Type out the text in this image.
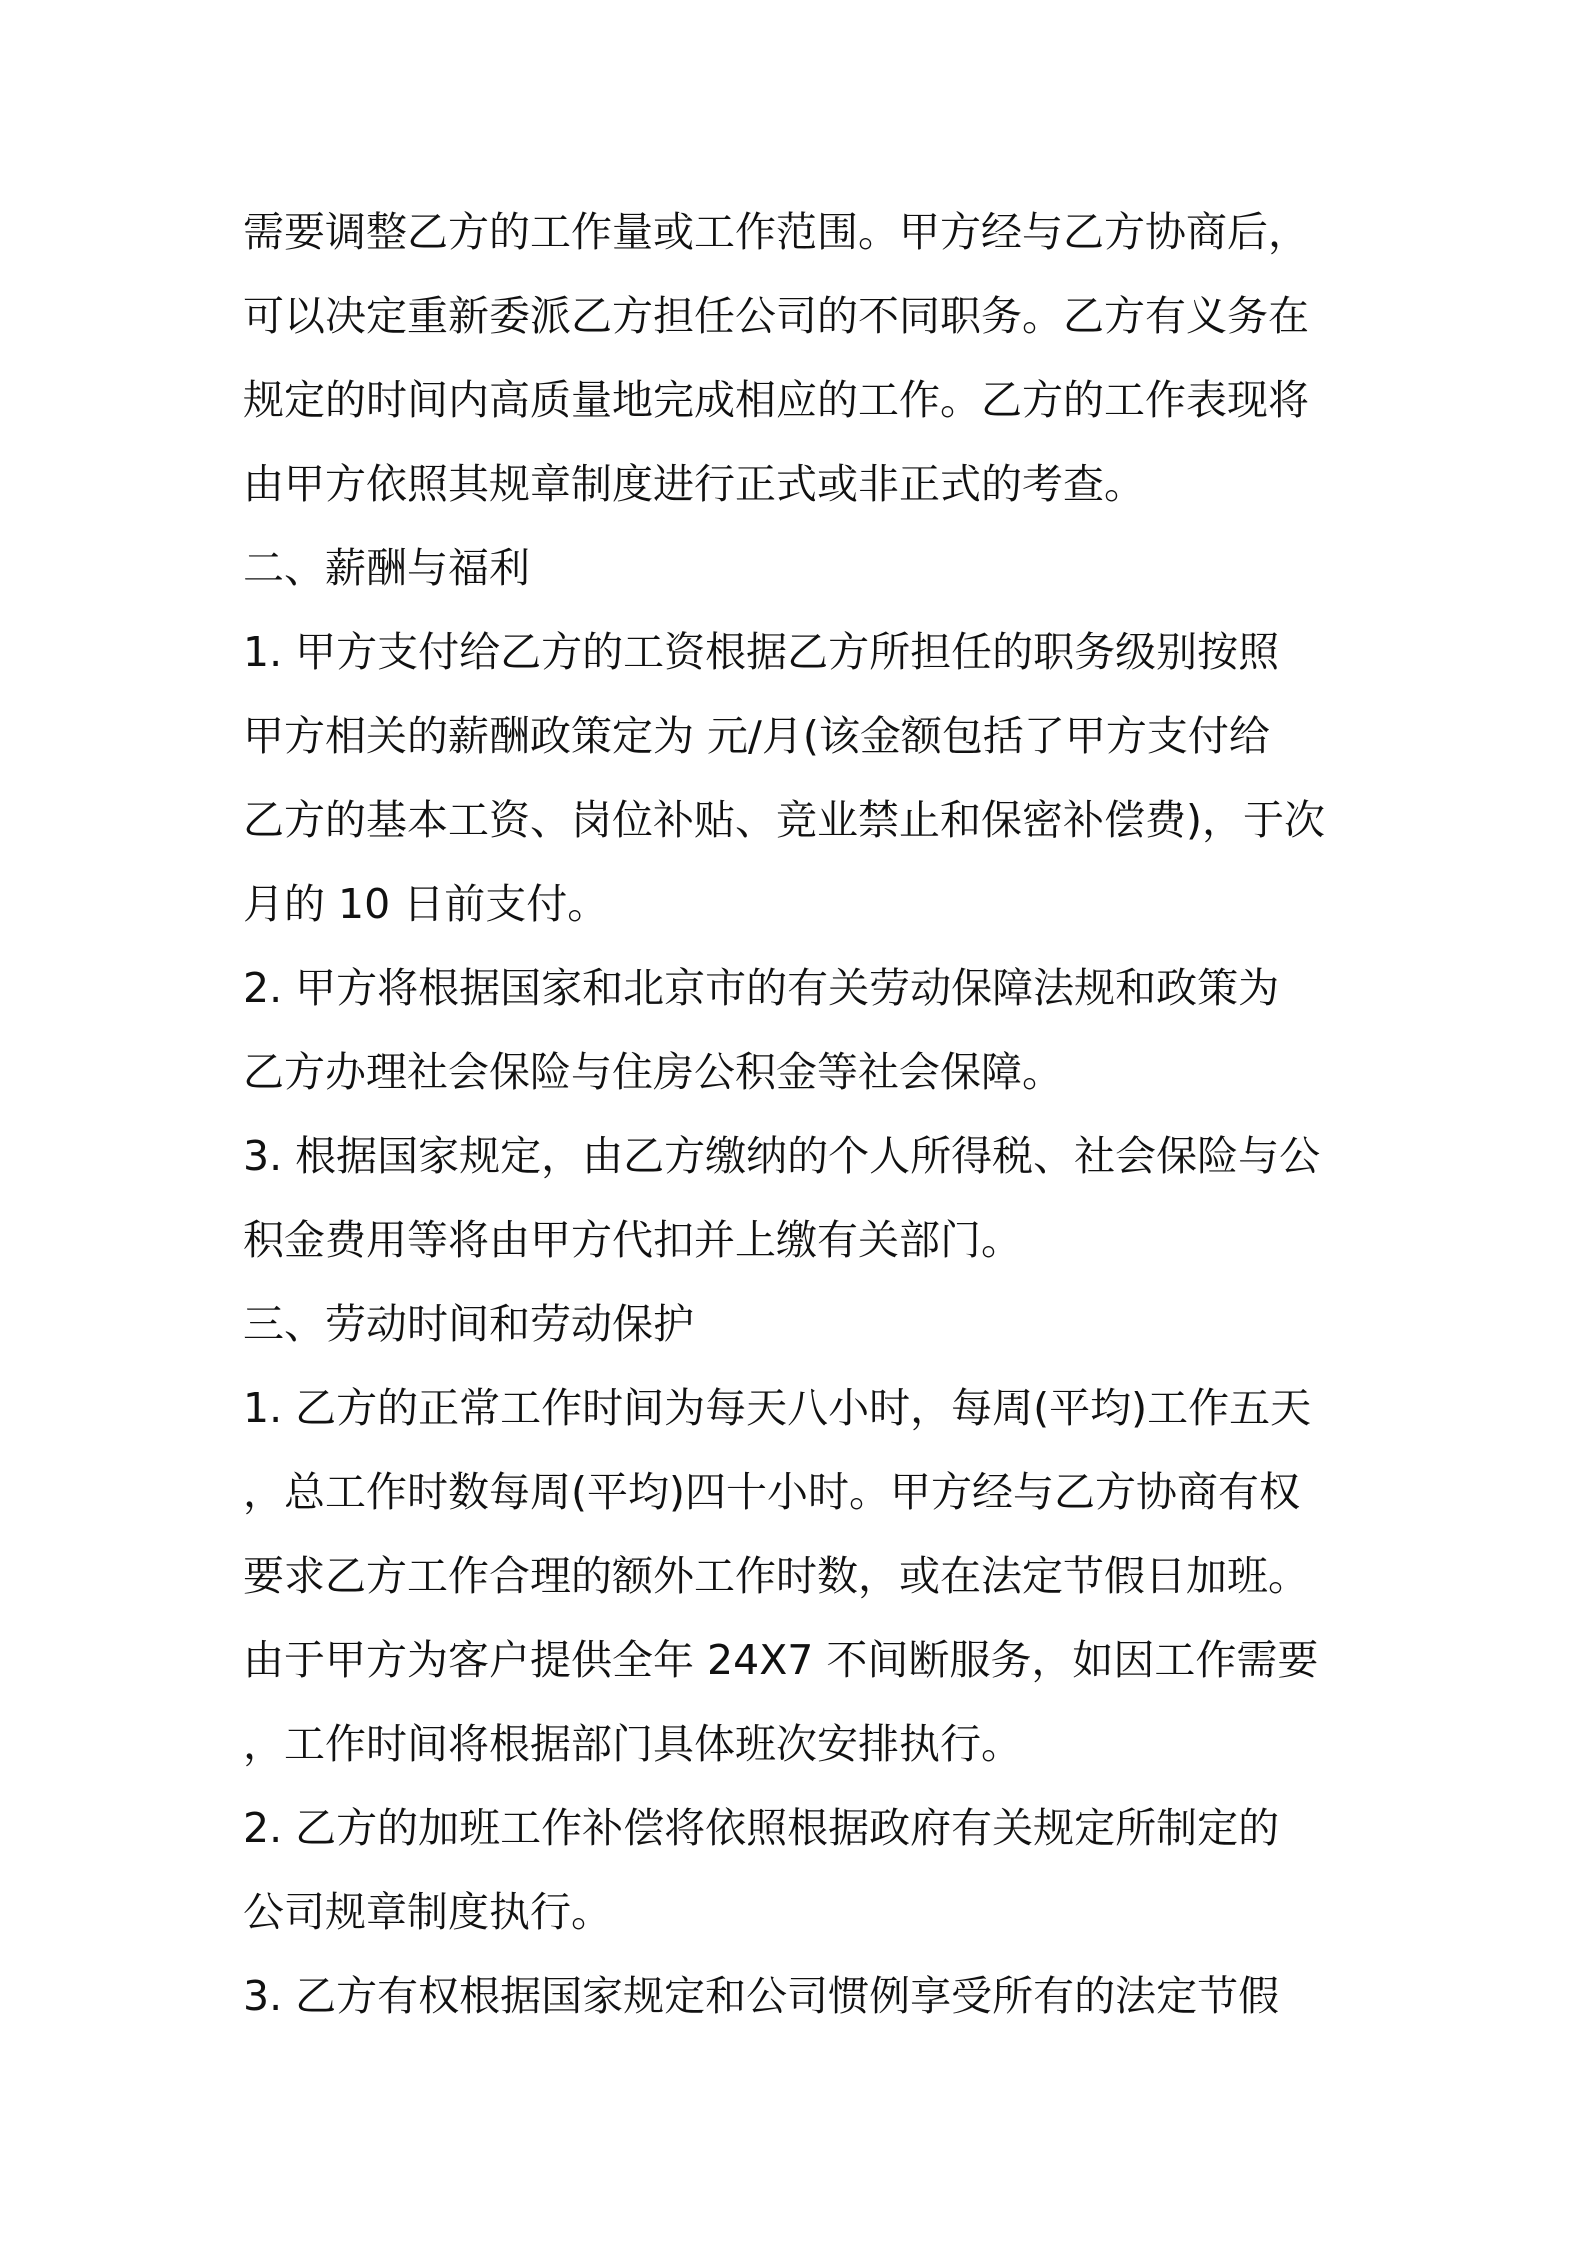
需要调整乙方的工作量或工作范围。甲方经与乙方协商后，
可以决定重新委派乙方担任公司的不同职务。乙方有义务在
规定的时间内高质量地完成相应的工作。乙方的工作表现将
由甲方依照其规章制度进行正式或非正式的考查。
二、薪酬与福利
1. 甲方支付给乙方的工资根据乙方所担任的职务级别按照
甲方相关的薪酬政策定为 元/月(该金额包括了甲方支付给
乙方的基本工资、岗位补贴、竞业禁止和保密补偿费)，于次
月的 10 日前支付。
2. 甲方将根据国家和北京市的有关劳动保障法规和政策为
乙方办理社会保险与住房公积金等社会保障。
3. 根据国家规定，由乙方缴纳的个人所得税、社会保险与公
积金费用等将由甲方代扣并上缴有关部门。
三、劳动时间和劳动保护
1. 乙方的正常工作时间为每天八小时，每周(平均)工作五天
，总工作时数每周(平均)四十小时。甲方经与乙方协商有权
要求乙方工作合理的额外工作时数，或在法定节假日加班。
由于甲方为客户提供全年 24X7 不间断服务，如因工作需要
，工作时间将根据部门具体班次安排执行。
2. 乙方的加班工作补偿将依照根据政府有关规定所制定的
公司规章制度执行。
3. 乙方有权根据国家规定和公司惯例享受所有的法定节假
